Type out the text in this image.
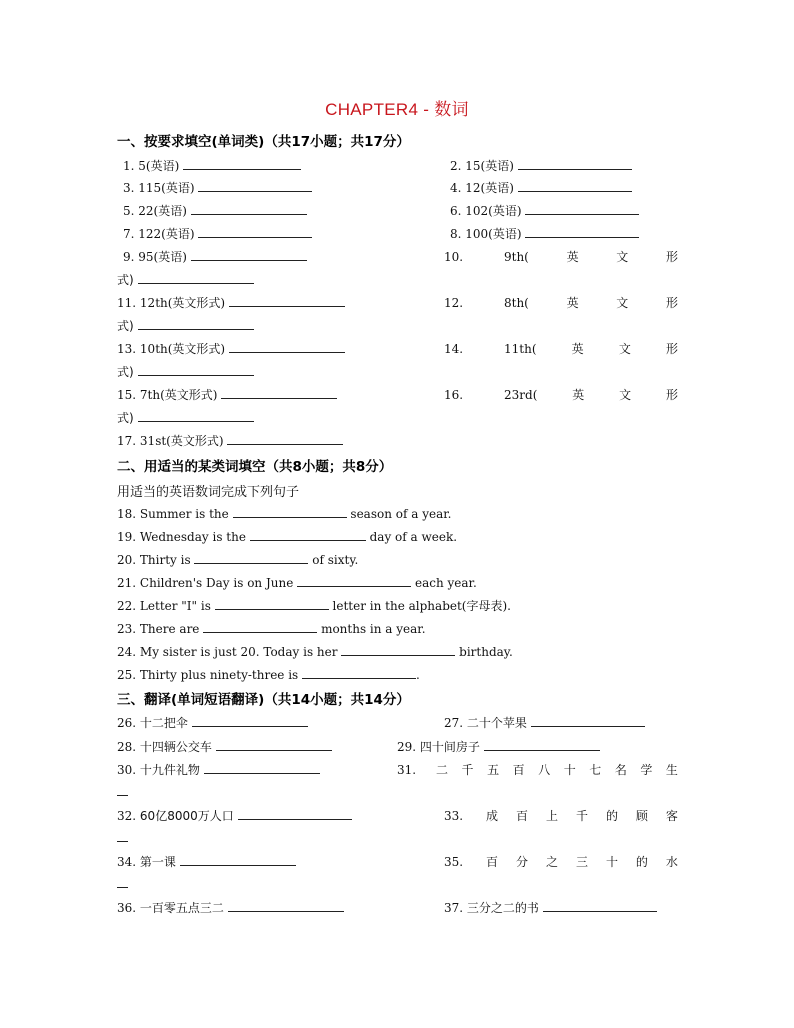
CHAPTER4 - 数词
一、按要求填空(单词类)（共17小题；共17分）
1. 5(英语)	2. 15(英语)
3. 115(英语)	4. 12(英语)
5. 22(英语)	6. 102(英语)
7. 122(英语)	8. 100(英语)
9. 95(英语)	10.	9th(	英	文	形
式)
11. 12th(英文形式)	12.	8th(	英	文	形
式)
13. 10th(英文形式)	14.	11th(	英	文	形
式)
15. 7th(英文形式)	16.	23rd(	英	文	形
式)
17. 31st(英文形式)
二、用适当的某类词填空（共8小题；共8分）
用适当的英语数词完成下列句子
18. Summer is the	season of a year.
19. Wednesday is the	day of a week.
20. Thirty is	of sixty.
21. Children's Day is on June	each year.
22. Letter "I" is	letter in the alphabet(字母表).
23. There are	months in a year.
24. My sister is just 20. Today is her	birthday.
25. Thirty plus ninety-three is	.
三、翻译(单词短语翻译)（共14小题；共14分）
26. 十二把伞	27. 二十个苹果
28. 十四辆公交车	29. 四十间房子
30. 十九件礼物	31. 二 千 五 百 八 十 七 名 学 生
32. 60亿8000万人口	33. 成 百 上 千 的 顾 客
34. 第一课	35. 百 分 之 三 十 的 水
36. 一百零五点三二	37. 三分之二的书
